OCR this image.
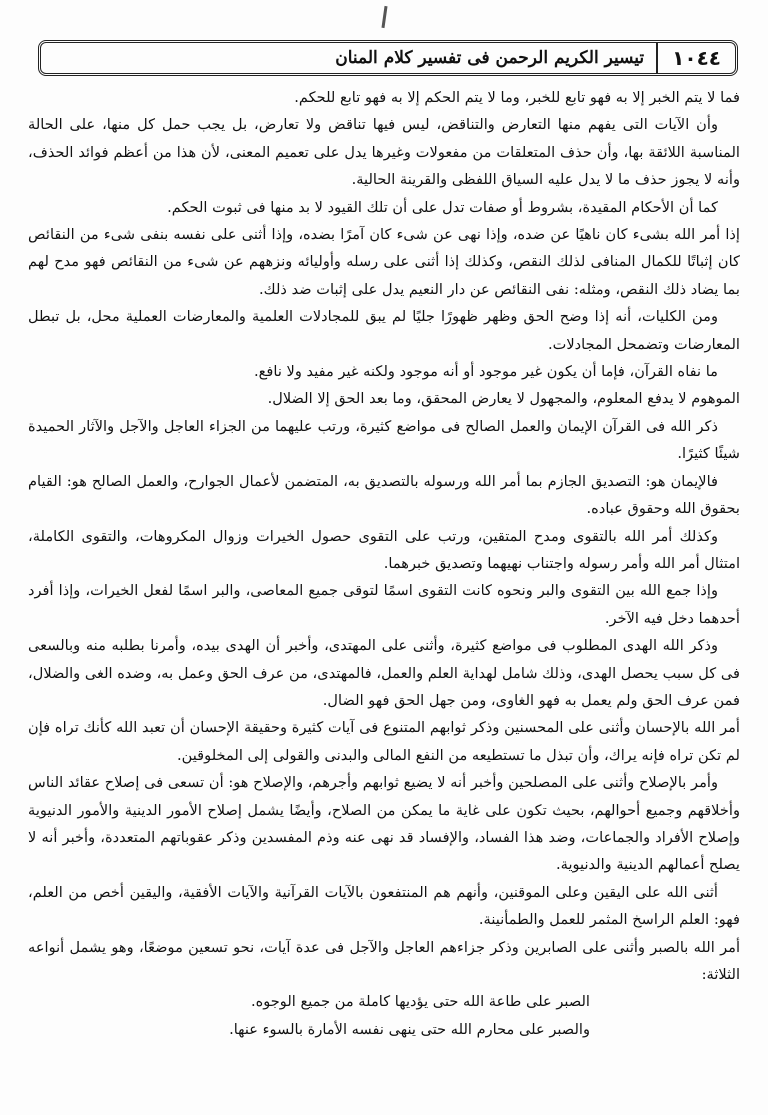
١٠٤٤
تيسير الكريم الرحمن فى تفسير كلام المنان

فما لا يتم الخبر إلا به فهو تابع للخبر، وما لا يتم الحكم إلا به فهو تابع للحكم.

وأن الآيات التى يفهم منها التعارض والتناقض، ليس فيها تناقض ولا تعارض، بل يجب حمل كل منها، على الحالة المناسبة اللائقة بها، وأن حذف المتعلقات من مفعولات وغيرها يدل على تعميم المعنى، لأن هذا من أعظم فوائد الحذف، وأنه لا يجوز حذف ما لا يدل عليه السياق اللفظى والقرينة الحالية.

كما أن الأحكام المقيدة، بشروط أو صفات تدل على أن تلك القيود لا بد منها فى ثبوت الحكم.

إذا أمر الله بشىء كان ناهيًا عن ضده، وإذا نهى عن شىء كان آمرًا بضده، وإذا أثنى على نفسه بنفى شىء من النقائص كان إثباتًا للكمال المنافى لذلك النقص، وكذلك إذا أثنى على رسله وأوليائه ونزههم عن شىء من النقائص فهو مدح لهم بما يضاد ذلك النقص، ومثله: نفى النقائص عن دار النعيم يدل على إثبات ضد ذلك.

ومن الكليات، أنه إذا وضح الحق وظهر ظهورًا جليًا لم يبق للمجادلات العلمية والمعارضات العملية محل، بل تبطل المعارضات وتضمحل المجادلات.

ما نفاه القرآن، فإما أن يكون غير موجود أو أنه موجود ولكنه غير مفيد ولا نافع.

الموهوم لا يدفع المعلوم، والمجهول لا يعارض المحقق، وما بعد الحق إلا الضلال.

ذكر الله فى القرآن الإيمان والعمل الصالح فى مواضع كثيرة، ورتب عليهما من الجزاء العاجل والآجل والآثار الحميدة شيئًا كثيرًا.

فالإيمان هو: التصديق الجازم بما أمر الله ورسوله بالتصديق به، المتضمن لأعمال الجوارح، والعمل الصالح هو: القيام بحقوق الله وحقوق عباده.

وكذلك أمر الله بالتقوى ومدح المتقين، ورتب على التقوى حصول الخيرات وزوال المكروهات، والتقوى الكاملة، امتثال أمر الله وأمر رسوله واجتناب نهيهما وتصديق خبرهما.

وإذا جمع الله بين التقوى والبر ونحوه كانت التقوى اسمًا لتوقى جميع المعاصى، والبر اسمًا لفعل الخيرات، وإذا أفرد أحدهما دخل فيه الآخر.

وذكر الله الهدى المطلوب فى مواضع كثيرة، وأثنى على المهتدى، وأخبر أن الهدى بيده، وأمرنا بطلبه منه وبالسعى فى كل سبب يحصل الهدى، وذلك شامل لهداية العلم والعمل، فالمهتدى، من عرف الحق وعمل به، وضده الغى والضلال، فمن عرف الحق ولم يعمل به فهو الغاوى، ومن جهل الحق فهو الضال.

أمر الله بالإحسان وأثنى على المحسنين وذكر ثوابهم المتنوع فى آيات كثيرة وحقيقة الإحسان أن تعبد الله كأنك تراه فإن لم تكن تراه فإنه يراك، وأن تبذل ما تستطيعه من النفع المالى والبدنى والقولى إلى المخلوقين.

وأمر بالإصلاح وأثنى على المصلحين وأخبر أنه لا يضيع ثوابهم وأجرهم، والإصلاح هو: أن تسعى فى إصلاح عقائد الناس وأخلاقهم وجميع أحوالهم، بحيث تكون على غاية ما يمكن من الصلاح، وأيضًا يشمل إصلاح الأمور الدينية والأمور الدنيوية وإصلاح الأفراد والجماعات، وضد هذا الفساد، والإفساد قد نهى عنه وذم المفسدين وذكر عقوباتهم المتعددة، وأخبر أنه لا يصلح أعمالهم الدينية والدنيوية.

أثنى الله على اليقين وعلى الموقنين، وأنهم هم المنتفعون بالآيات القرآنية والآيات الأفقية، واليقين أخص من العلم، فهو: العلم الراسخ المثمر للعمل والطمأنينة.

أمر الله بالصبر وأثنى على الصابرين وذكر جزاءهم العاجل والآجل فى عدة آيات، نحو تسعين موضعًا، وهو يشمل أنواعه الثلاثة:

الصبر على طاعة الله حتى يؤديها كاملة من جميع الوجوه.

والصبر على محارم الله حتى ينهى نفسه الأمارة بالسوء عنها.
